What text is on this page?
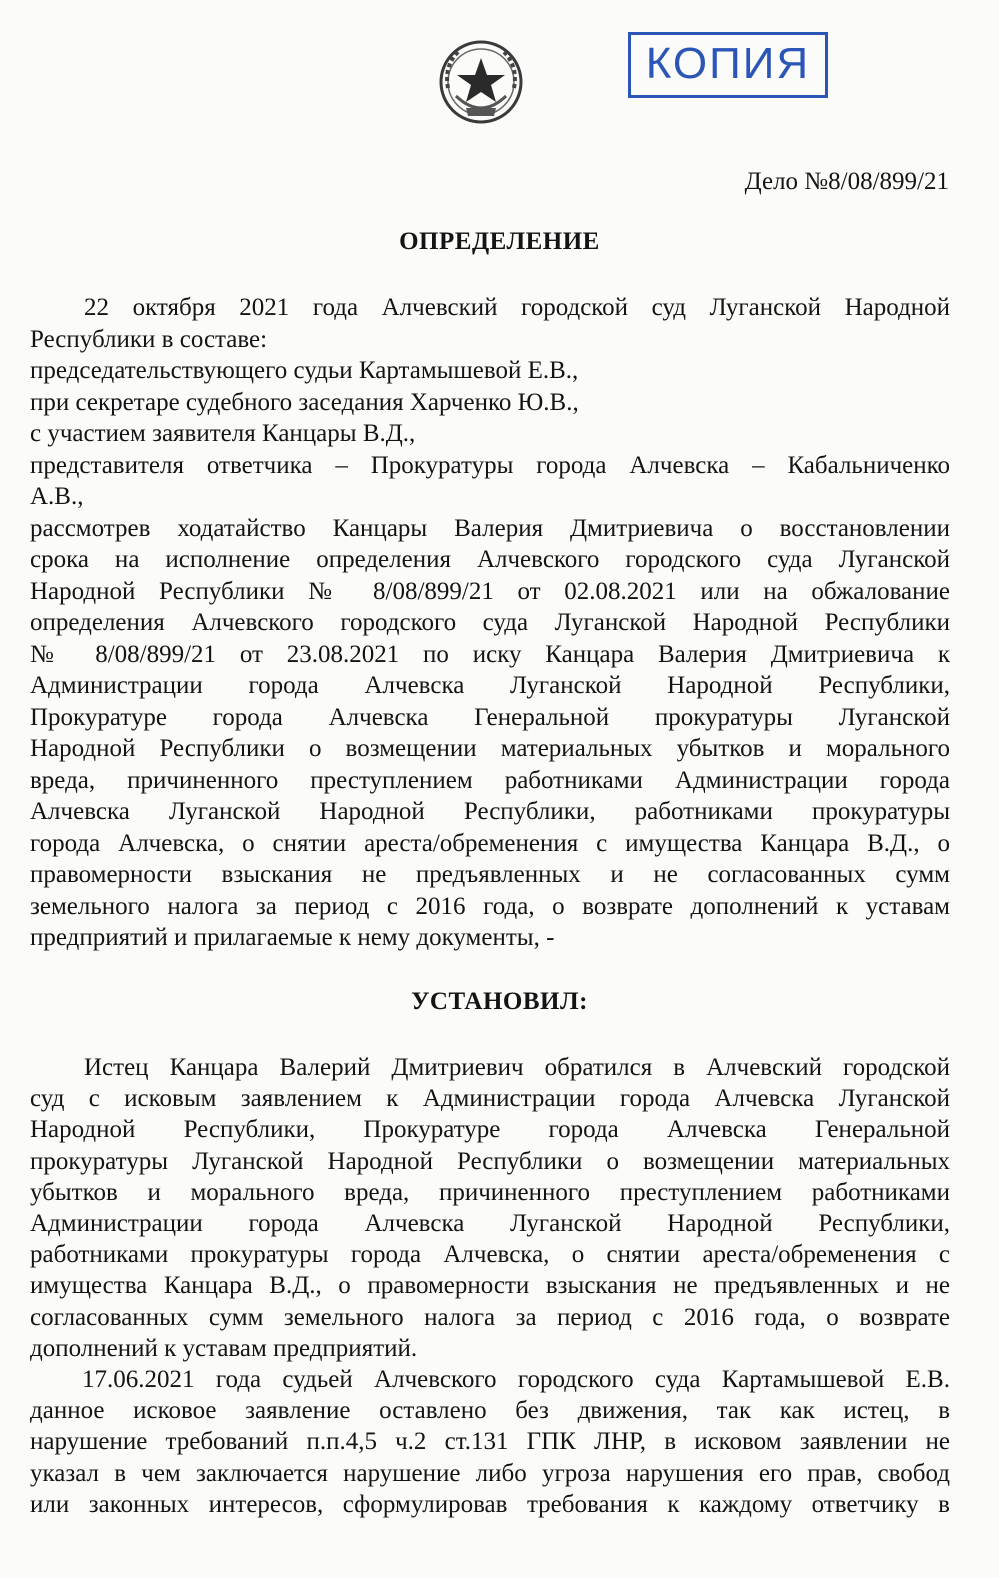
КОПИЯ
Дело №8/08/899/21
ОПРЕДЕЛЕНИЕ
22 октября 2021 года Алчевский городской суд Луганской Народной
Республики в составе:
председательствующего судьи Картамышевой Е.В.,
при секретаре судебного заседания Харченко Ю.В.,
с участием заявителя Канцары В.Д.,
представителя ответчика – Прокуратуры города Алчевска – Кабальниченко
А.В.,
рассмотрев ходатайство Канцары Валерия Дмитриевича о восстановлении
срока на исполнение определения Алчевского городского суда Луганской
Народной Республики № 8/08/899/21 от 02.08.2021 или на обжалование
определения Алчевского городского суда Луганской Народной Республики
№ 8/08/899/21 от 23.08.2021 по иску Канцара Валерия Дмитриевича к
Администрации города Алчевска Луганской Народной Республики,
Прокуратуре города Алчевска Генеральной прокуратуры Луганской
Народной Республики о возмещении материальных убытков и морального
вреда, причиненного преступлением работниками Администрации города
Алчевска Луганской Народной Республики, работниками прокуратуры
города Алчевска, о снятии ареста/обременения с имущества Канцара В.Д., о
правомерности взыскания не предъявленных и не согласованных сумм
земельного налога за период с 2016 года, о возврате дополнений к уставам
предприятий и прилагаемые к нему документы, -
УСТАНОВИЛ:
Истец Канцара Валерий Дмитриевич обратился в Алчевский городской
суд с исковым заявлением к Администрации города Алчевска Луганской
Народной Республики, Прокуратуре города Алчевска Генеральной
прокуратуры Луганской Народной Республики о возмещении материальных
убытков и морального вреда, причиненного преступлением работниками
Администрации города Алчевска Луганской Народной Республики,
работниками прокуратуры города Алчевска, о снятии ареста/обременения с
имущества Канцара В.Д., о правомерности взыскания не предъявленных и не
согласованных сумм земельного налога за период с 2016 года, о возврате
дополнений к уставам предприятий.
17.06.2021 года судьей Алчевского городского суда Картамышевой Е.В.
данное исковое заявление оставлено без движения, так как истец, в
нарушение требований п.п.4,5 ч.2 ст.131 ГПК ЛНР, в исковом заявлении не
указал в чем заключается нарушение либо угроза нарушения его прав, свобод
или законных интересов, сформулировав требования к каждому ответчику в
